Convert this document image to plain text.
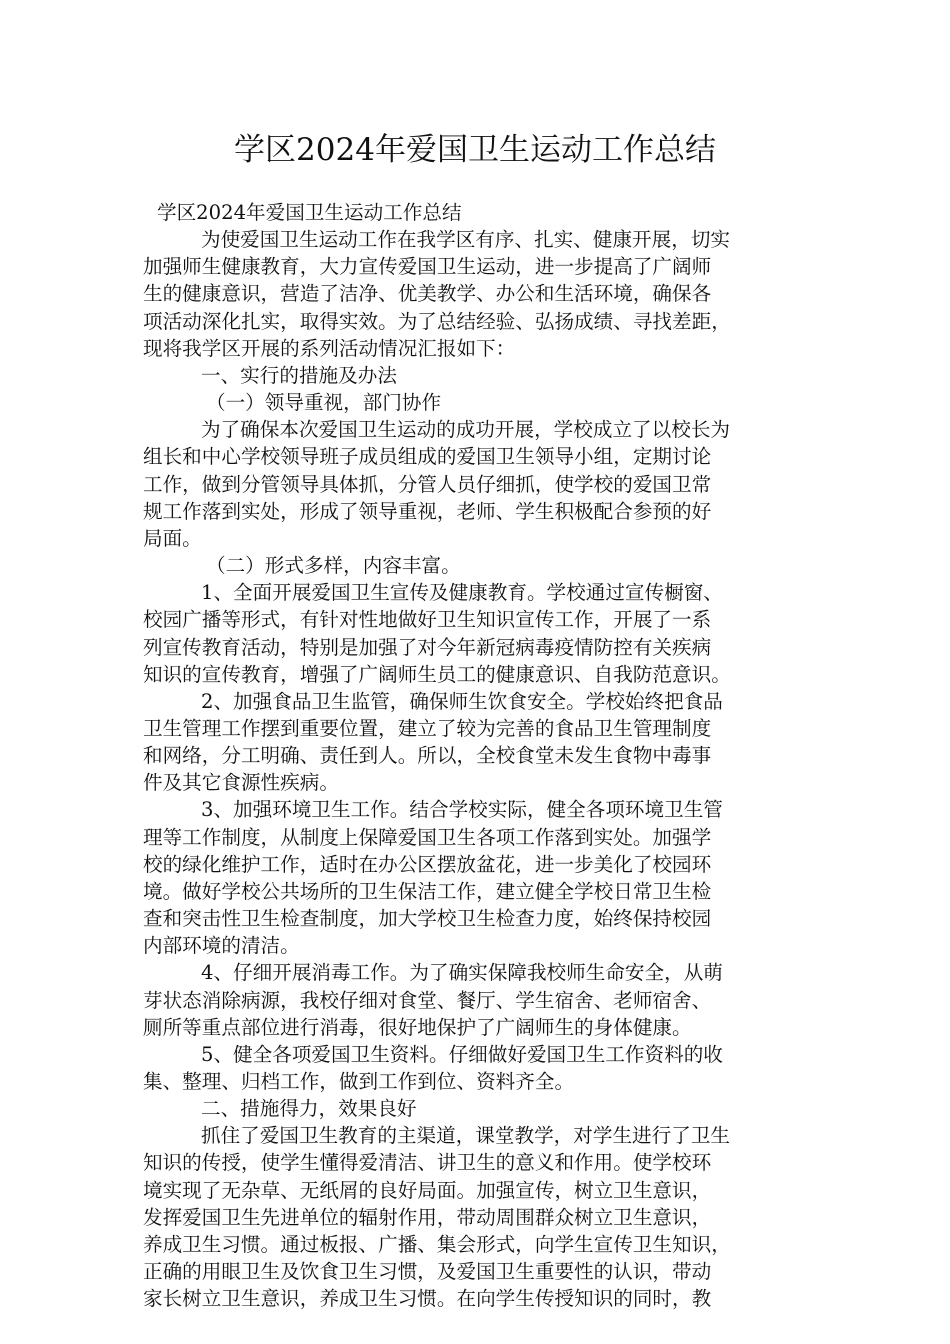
学区2024年爱国卫生运动工作总结
学区2024年爱国卫生运动工作总结
为使爱国卫生运动工作在我学区有序、扎实、健康开展，切实
加强师生健康教育，大力宣传爱国卫生运动，进一步提高了广阔师
生的健康意识，营造了洁净、优美教学、办公和生活环境，确保各
项活动深化扎实，取得实效。为了总结经验、弘扬成绩、寻找差距，
现将我学区开展的系列活动情况汇报如下：
一、实行的措施及办法
（一）领导重视，部门协作
为了确保本次爱国卫生运动的成功开展，学校成立了以校长为
组长和中心学校领导班子成员组成的爱国卫生领导小组，定期讨论
工作，做到分管领导具体抓，分管人员仔细抓，使学校的爱国卫常
规工作落到实处，形成了领导重视，老师、学生积极配合参预的好
局面。
（二）形式多样，内容丰富。
1、全面开展爱国卫生宣传及健康教育。学校通过宣传橱窗、
校园广播等形式，有针对性地做好卫生知识宣传工作，开展了一系
列宣传教育活动，特别是加强了对今年新冠病毒疫情防控有关疾病
知识的宣传教育，增强了广阔师生员工的健康意识、自我防范意识。
2、加强食品卫生监管，确保师生饮食安全。学校始终把食品
卫生管理工作摆到重要位置，建立了较为完善的食品卫生管理制度
和网络，分工明确、责任到人。所以，全校食堂未发生食物中毒事
件及其它食源性疾病。
3、加强环境卫生工作。结合学校实际，健全各项环境卫生管
理等工作制度，从制度上保障爱国卫生各项工作落到实处。加强学
校的绿化维护工作，适时在办公区摆放盆花，进一步美化了校园环
境。做好学校公共场所的卫生保洁工作，建立健全学校日常卫生检
查和突击性卫生检查制度，加大学校卫生检查力度，始终保持校园
内部环境的清洁。
4、仔细开展消毒工作。为了确实保障我校师生命安全，从萌
芽状态消除病源，我校仔细对食堂、餐厅、学生宿舍、老师宿舍、
厕所等重点部位进行消毒，很好地保护了广阔师生的身体健康。
5、健全各项爱国卫生资料。仔细做好爱国卫生工作资料的收
集、整理、归档工作，做到工作到位、资料齐全。
二、措施得力，效果良好
抓住了爱国卫生教育的主渠道，课堂教学，对学生进行了卫生
知识的传授，使学生懂得爱清洁、讲卫生的意义和作用。使学校环
境实现了无杂草、无纸屑的良好局面。加强宣传，树立卫生意识，
发挥爱国卫生先进单位的辐射作用，带动周围群众树立卫生意识，
养成卫生习惯。通过板报、广播、集会形式，向学生宣传卫生知识，
正确的用眼卫生及饮食卫生习惯，及爱国卫生重要性的认识，带动
家长树立卫生意识，养成卫生习惯。在向学生传授知识的同时，教
